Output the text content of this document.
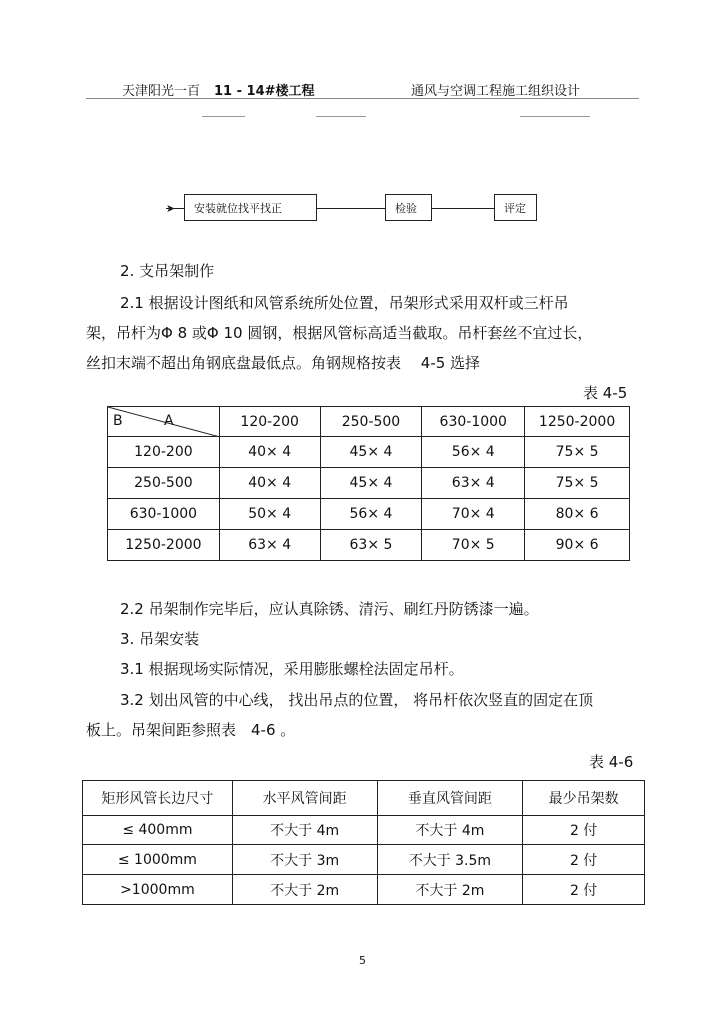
天津阳光一百 11 - 14#楼工程	通风与空调工程施工组织设计
➤	安装就位找平找正	检验	评定
2. 支吊架制作
2.1 根据设计图纸和风管系统所处位置，吊架形式采用双杆或三杆吊
架，吊杆为Φ 8 或Φ 10 圆钢，根据风管标高适当截取。吊杆套丝不宜过长，
丝扣末端不超出角钢底盘最低点。角钢规格按表　 4-5 选择
表 4-5
B A	120-200	250-500	630-1000	1250-2000
120-200	40× 4	45× 4	56× 4	75× 5
250-500	40× 4	45× 4	63× 4	75× 5
630-1000	50× 4	56× 4	70× 4	80× 6
1250-2000	63× 4	63× 5	70× 5	90× 6
2.2 吊架制作完毕后，应认真除锈、清污、刷红丹防锈漆一遍。
3. 吊架安装
3.1 根据现场实际情况，采用膨胀螺栓法固定吊杆。
3.2 划出风管的中心线， 找出吊点的位置， 将吊杆依次竖直的固定在顶
板上。吊架间距参照表　4-6 。
表 4-6
矩形风管长边尺寸	水平风管间距	垂直风管间距	最少吊架数
≤ 400mm	不大于 4m	不大于 4m	2 付
≤ 1000mm	不大于 3m	不大于 3.5m	2 付
>1000mm	不大于 2m	不大于 2m	2 付
5
